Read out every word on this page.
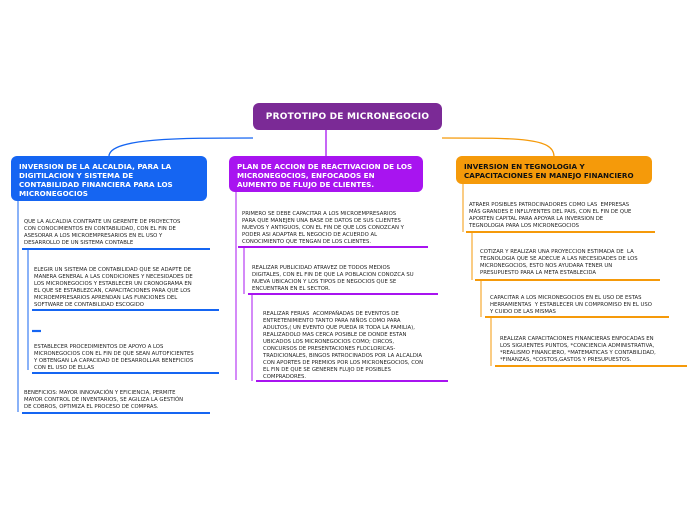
PROTOTIPO DE MICRONEGOCIO
INVERSION DE LA ALCALDIA, PARA LA
DIGITILACION Y SISTEMA DE
CONTABILIDAD FINANCIERA PARA LOS
MICRONEGOCIOS
PLAN DE ACCION DE REACTIVACION DE LOS
MICRONEGOCIOS, ENFOCADOS EN
AUMENTO DE FLUJO DE CLIENTES.
INVERSION EN TEGNOLOGIA Y
CAPACITACIONES EN MANEJO FINANCIERO
QUE LA ALCALDIA CONTRATE UN GERENTE DE PROYECTOS
CON CONOCIMIENTOS EN CONTABILIDAD, CON EL FIN DE
ASESORAR A LOS MICROEMPRESARIOS EN EL USO Y
DESARROLLO DE UN SISTEMA CONTABLE
ELEGIR UN SISTEMA DE CONTABILIDAD QUE SE ADAPTE DE
MANERA GENERAL A LAS CONDICIONES Y NECESIDADES DE
LOS MICRONEGOCIOS Y ESTABLECER UN CRONOGRAMA EN
EL QUE SE ESTABLEZCAN, CAPACITACIONES PARA QUE LOS
MICROEMPRESARIOS APRENDAN LAS FUNCIONES DEL
SOFTWARE DE CONTABILIDAD ESCOGIDO
ESTABLECER PROCEDIMIENTOS DE APOYO A LOS
MICRONEGOCIOS CON EL FIN DE QUE SEAN AUTOFICIENTES
Y OBTENGAN LA CAPACIDAD DE DESARROLLAR BENEFICIOS
CON EL USO DE ELLAS
BENEFICIOS: MAYOR INNOVACIÓN Y EFICIENCIA, PERMITE
MAYOR CONTROL DE INVENTARIOS, SE AGILIZA LA GESTIÓN
DE COBROS, OPTIMIZA EL PROCESO DE COMPRAS.
PRIMERO SE DEBE CAPACITAR A LOS MICROEMPRESARIOS
PARA QUE MANEJEN UNA BASE DE DATOS DE SUS CLIENTES
NUEVOS Y ANTIGUOS, CON EL FIN DE QUE LOS CONOZCAN Y
PODER ASI ADAPTAR EL NEGOCIO DE ACUERDO AL
CONOCIMIENTO QUE TENGAN DE LOS CLIENTES.
REALIZAR PUBLICIDAD ATRAVEZ DE TODOS MEDIOS
DIGITALES, CON EL FIN DE QUE LA POBLACION CONOZCA SU
NUEVA UBICACION Y LOS TIPOS DE NEGOCIOS QUE SE
ENCUENTRAN EN EL SECTOR.
REALIZAR FERIAS  ACOMPAÑADAS DE EVENTOS DE
ENTRETENIMIENTO TANTO PARA NIÑOS COMO PARA
ADULTOS,( UN EVENTO QUE PUEDA IR TODA LA FAMILIA),
REALIZADOLO MAS CERCA POSIBLE DE DONDE ESTAN
UBICADOS LOS MICRONEGOCIOS COMO; CIRCOS,
CONCURSOS DE PRESENTACIONES FLOCLORICAS-
TRADICIONALES, BINGOS PATROCINADOS POR LA ALCALDIA
CON APORTES DE PREMIOS POR LOS MICRONEGOCIOS, CON
EL FIN DE QUE SE GENEREN FLUJO DE POSIBLES
COMPRADORES.
ATRAER POSIBLES PATROCINADORES COMO LAS  EMPRESAS
MÁS GRANDES E INFLUYENTES DEL PAIS, CON EL FIN DE QUE
APORTEN CAPITAL PARA APOYAR LA INVERSION DE
TEGNOLOGIA PARA LOS MICRONEGOCIOS
COTIZAR Y REALIZAR UNA PROYECCION ESTIMADA DE  LA
TEGNOLOGIA QUE SE ADECUE A LAS NECESIDADES DE LOS
MICRONEGOCIOS, ESTO NOS AYUDARA TENER UN
PRESUPUESTO PARA LA META ESTABLECIDA
CAPACITAR A LOS MICRONEGOCIOS EN EL USO DE ESTAS
HERRAMIENTAS  Y ESTABLECER UN COMPROMISO EN EL USO
Y CUIDO DE LAS MISMAS
REALIZAR CAPACITACIONES FINANCIERAS ENFOCADAS EN
LOS SIGUIENTES PUNTOS, *CONCIENCIA ADMINISTRATIVA,
*REALISMO FINANCIERO, *MATEMATICAS Y CONTABILIDAD,
*FINANZAS, *COSTOS,GASTOS Y PRESUPUESTOS.
